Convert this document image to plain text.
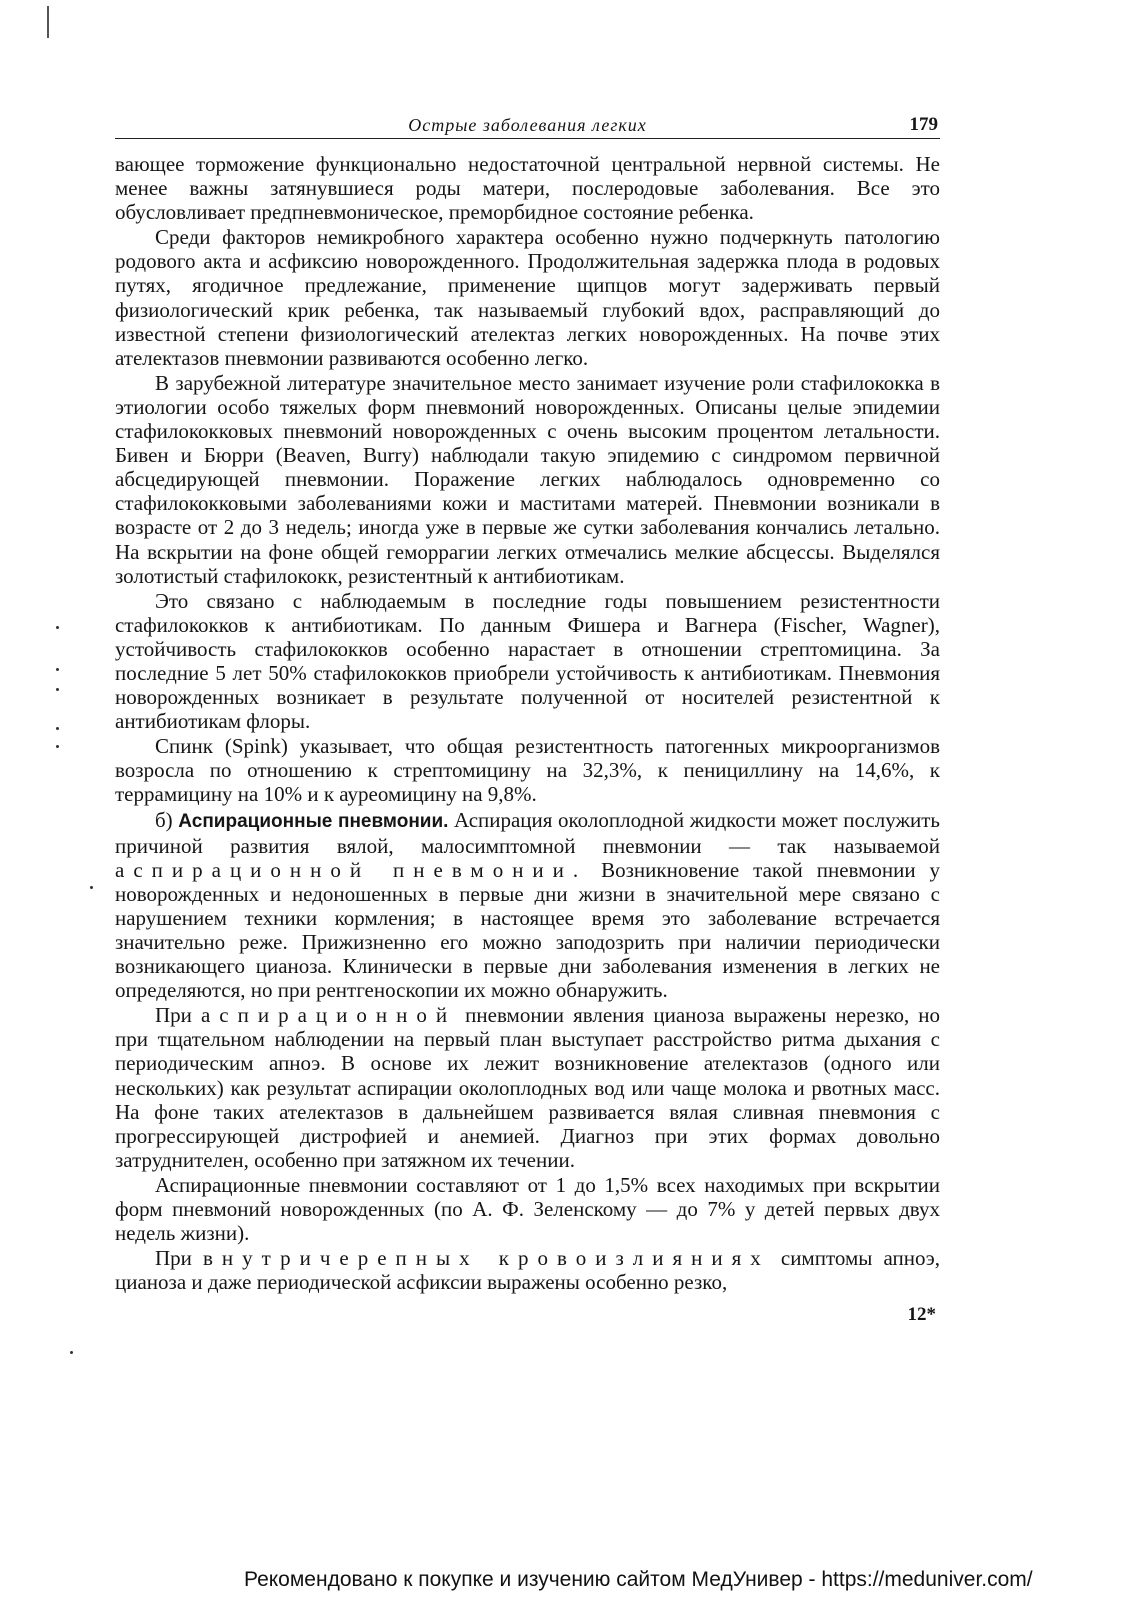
Острые заболевания легких	179

вающее торможение функционально недостаточной центральной нервной системы. Не менее важны затянувшиеся роды матери, послеродовые заболевания. Все это обусловливает предпневмоническое, преморбидное состояние ребенка.

Среди факторов немикробного характера особенно нужно подчеркнуть патологию родового акта и асфиксию новорожденного. Продолжительная задержка плода в родовых путях, ягодичное предлежание, применение щипцов могут задерживать первый физиологический крик ребенка, так называемый глубокий вдох, расправляющий до известной степени физиологический ателектаз легких новорожденных. На почве этих ателектазов пневмонии развиваются особенно легко.

В зарубежной литературе значительное место занимает изучение роли стафилококка в этиологии особо тяжелых форм пневмоний новорожденных. Описаны целые эпидемии стафилококковых пневмоний новорожденных с очень высоким процентом летальности. Бивен и Бюрри (Beaven, Burry) наблюдали такую эпидемию с синдромом первичной абсцедирующей пневмонии. Поражение легких наблюдалось одновременно со стафилококковыми заболеваниями кожи и маститами матерей. Пневмонии возникали в возрасте от 2 до 3 недель; иногда уже в первые же сутки заболевания кончались летально. На вскрытии на фоне общей геморрагии легких отмечались мелкие абсцессы. Выделялся золотистый стафилококк, резистентный к антибиотикам.

Это связано с наблюдаемым в последние годы повышением резистентности стафилококков к антибиотикам. По данным Фишера и Вагнера (Fischer, Wagner), устойчивость стафилококков особенно нарастает в отношении стрептомицина. За последние 5 лет 50% стафилококков приобрели устойчивость к антибиотикам. Пневмония новорожденных возникает в результате полученной от носителей резистентной к антибиотикам флоры.

Спинк (Spink) указывает, что общая резистентность патогенных микроорганизмов возросла по отношению к стрептомицину на 32,3%, к пенициллину на 14,6%, к террамицину на 10% и к ауреомицину на 9,8%.

б) Аспирационные пневмонии. Аспирация околоплодной жидкости может послужить причиной развития вялой, малосимптомной пневмонии — так называемой аспирационной пневмонии. Возникновение такой пневмонии у новорожденных и недоношенных в первые дни жизни в значительной мере связано с нарушением техники кормления; в настоящее время это заболевание встречается значительно реже. Прижизненно его можно заподозрить при наличии периодически возникающего цианоза. Клинически в первые дни заболевания изменения в легких не определяются, но при рентгеноскопии их можно обнаружить.

При аспирационной пневмонии явления цианоза выражены нерезко, но при тщательном наблюдении на первый план выступает расстройство ритма дыхания с периодическим апноэ. В основе их лежит возникновение ателектазов (одного или нескольких) как результат аспирации околоплодных вод или чаще молока и рвотных масс. На фоне таких ателектазов в дальнейшем развивается вялая сливная пневмония с прогрессирующей дистрофией и анемией. Диагноз при этих формах довольно затруднителен, особенно при затяжном их течении.

Аспирационные пневмонии составляют от 1 до 1,5% всех находимых при вскрытии форм пневмоний новорожденных (по А. Ф. Зеленскому — до 7% у детей первых двух недель жизни).

При внутричерепных кровоизлияниях симптомы апноэ, цианоза и даже периодической асфиксии выражены особенно резко,

12*
Рекомендовано к покупке и изучению сайтом МедУнивер - https://meduniver.com/
